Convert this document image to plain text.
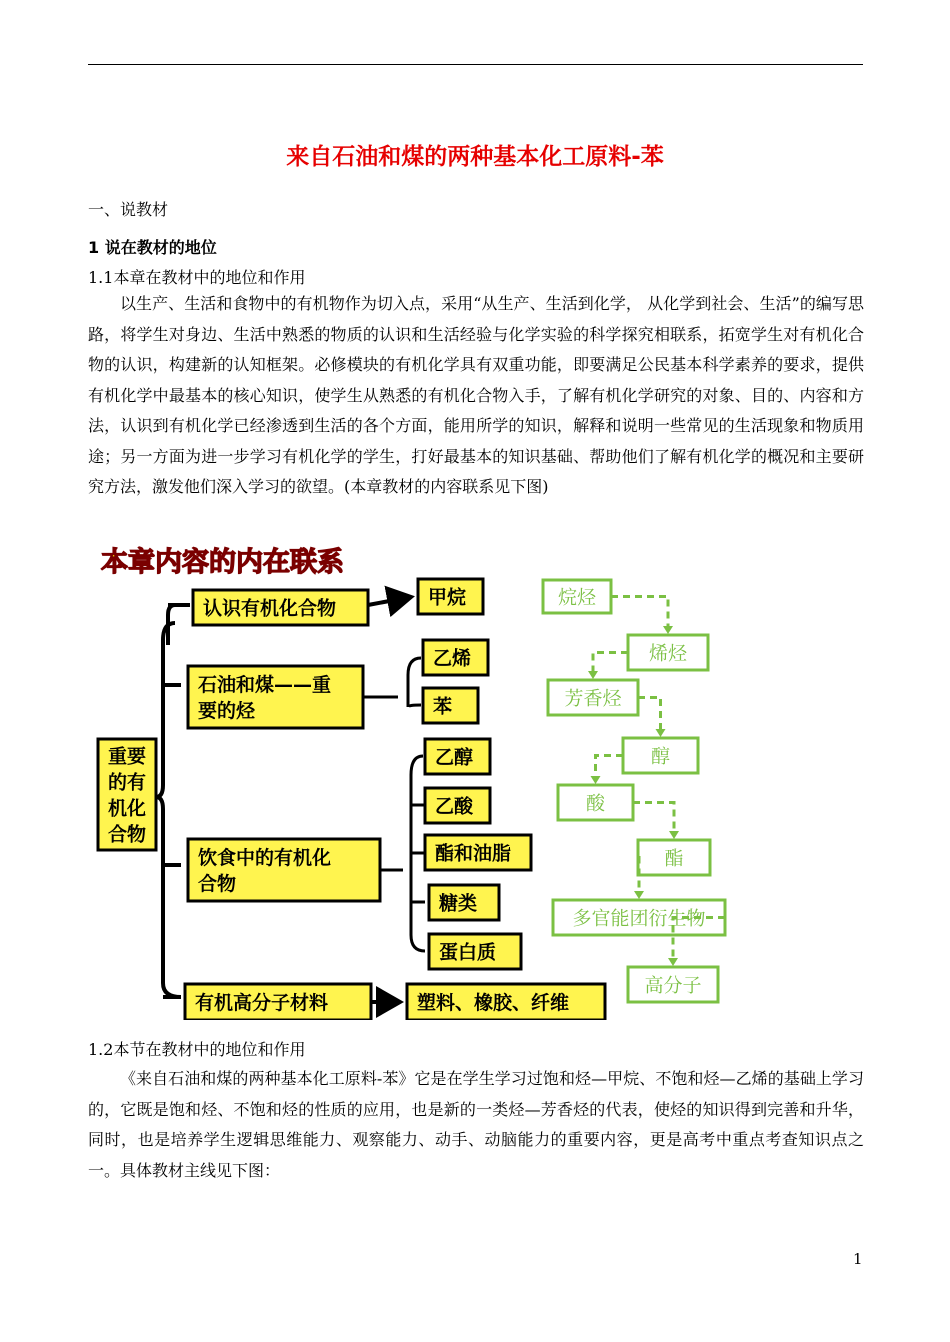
来自石油和煤的两种基本化工原料-苯
一、说教材
1 说在教材的地位
1.1本章在教材中的地位和作用

以生产、生活和食物中的有机物作为切入点，采用“从生产、生活到化学， 从化学到社会、生活”的编写思路，将学生对身边、生活中熟悉的物质的认识和生活经验与化学实验的科学探究相联系，拓宽学生对有机化合物的认识，构建新的认知框架。必修模块的有机化学具有双重功能，即要满足公民基本科学素养的要求，提供有机化学中最基本的核心知识，使学生从熟悉的有机化合物入手，了解有机化学研究的对象、目的、内容和方法，认识到有机化学已经渗透到生活的各个方面，能用所学的知识，解释和说明一些常见的生活现象和物质用途；另一方面为进一步学习有机化学的学生，打好最基本的知识基础、帮助他们了解有机化学的概况和主要研究方法，激发他们深入学习的欲望。(本章教材的内容联系见下图)

本章内容的内在联系
重要
的有
机化
合物
认识有机化合物
石油和煤——重
要的烃
饮食中的有机化
合物
有机高分子材料
甲烷
乙烯
苯
乙醇
乙酸
酯和油脂
糖类
蛋白质
塑料、橡胶、纤维
烷烃
烯烃
芳香烃
醇
酸
酯
多官能团衍生物
高分子
1.2本节在教材中的地位和作用

《来自石油和煤的两种基本化工原料-苯》它是在学生学习过饱和烃—甲烷、不饱和烃—乙烯的基础上学习的，它既是饱和烃、不饱和烃的性质的应用，也是新的一类烃—芳香烃的代表，使烃的知识得到完善和升华，同时，也是培养学生逻辑思维能力、观察能力、动手、动脑能力的重要内容，更是高考中重点考查知识点之一。具体教材主线见下图：

1
